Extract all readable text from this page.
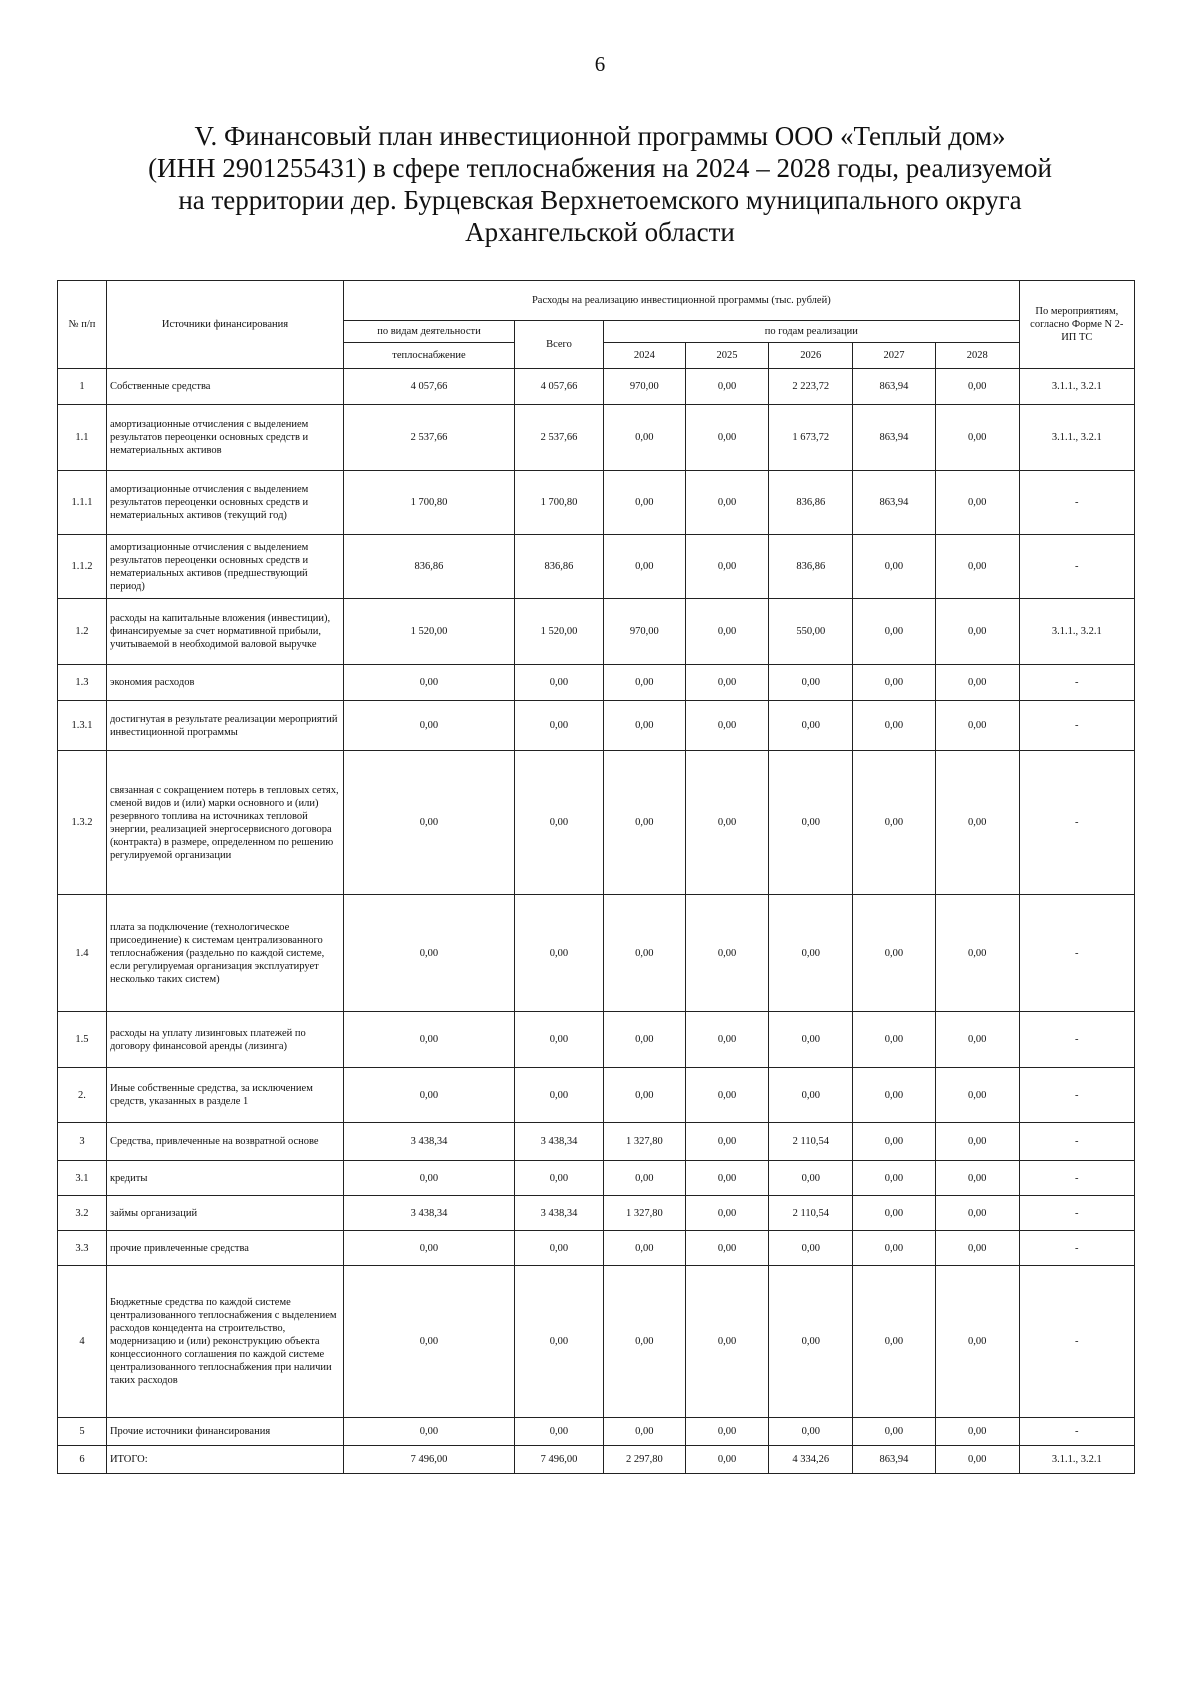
6
V. Финансовый план инвестиционной программы ООО «Теплый дом»
(ИНН 2901255431) в сфере теплоснабжения на 2024 – 2028 годы, реализуемой
на территории дер. Бурцевская Верхнетоемского муниципального округа
Архангельской области
№ п/п	Источники финансирования	Расходы на реализацию инвестиционной программы (тыс. рублей)							По мероприятиям, согласно Форме N 2-ИП ТС
		по видам деятельности	Всего	по годам реализации					
		теплоснабжение		2024	2025	2026	2027	2028	
1	Собственные средства	4 057,66	4 057,66	970,00	0,00	2 223,72	863,94	0,00	3.1.1., 3.2.1
1.1	амортизационные отчисления с выделением результатов переоценки основных средств и нематериальных активов	2 537,66	2 537,66	0,00	0,00	1 673,72	863,94	0,00	3.1.1., 3.2.1
1.1.1	амортизационные отчисления с выделением результатов переоценки основных средств и нематериальных активов (текущий год)	1 700,80	1 700,80	0,00	0,00	836,86	863,94	0,00	-
1.1.2	амортизационные отчисления с выделением результатов переоценки основных средств и нематериальных активов (предшествующий период)	836,86	836,86	0,00	0,00	836,86	0,00	0,00	-
1.2	расходы на капитальные вложения (инвестиции), финансируемые за счет нормативной прибыли, учитываемой в необходимой валовой выручке	1 520,00	1 520,00	970,00	0,00	550,00	0,00	0,00	3.1.1., 3.2.1
1.3	экономия расходов	0,00	0,00	0,00	0,00	0,00	0,00	0,00	-
1.3.1	достигнутая в результате реализации мероприятий инвестиционной программы	0,00	0,00	0,00	0,00	0,00	0,00	0,00	-
1.3.2	связанная с сокращением потерь в тепловых сетях, сменой видов и (или) марки основного и (или) резервного топлива на источниках тепловой энергии, реализацией энергосервисного договора (контракта) в размере, определенном по решению регулируемой организации	0,00	0,00	0,00	0,00	0,00	0,00	0,00	-
1.4	плата за подключение (технологическое присоединение) к системам централизованного теплоснабжения (раздельно по каждой системе, если регулируемая организация эксплуатирует несколько таких систем)	0,00	0,00	0,00	0,00	0,00	0,00	0,00	-
1.5	расходы на уплату лизинговых платежей по договору финансовой аренды (лизинга)	0,00	0,00	0,00	0,00	0,00	0,00	0,00	-
2.	Иные собственные средства, за исключением средств, указанных в разделе 1	0,00	0,00	0,00	0,00	0,00	0,00	0,00	-
3	Средства, привлеченные на возвратной основе	3 438,34	3 438,34	1 327,80	0,00	2 110,54	0,00	0,00	-
3.1	кредиты	0,00	0,00	0,00	0,00	0,00	0,00	0,00	-
3.2	займы организаций	3 438,34	3 438,34	1 327,80	0,00	2 110,54	0,00	0,00	-
3.3	прочие привлеченные средства	0,00	0,00	0,00	0,00	0,00	0,00	0,00	-
4	Бюджетные средства по каждой системе централизованного теплоснабжения с выделением расходов концедента на строительство, модернизацию и (или) реконструкцию объекта концессионного соглашения по каждой системе централизованного теплоснабжения при наличии таких расходов	0,00	0,00	0,00	0,00	0,00	0,00	0,00	-
5	Прочие источники финансирования	0,00	0,00	0,00	0,00	0,00	0,00	0,00	-
6	ИТОГО:	7 496,00	7 496,00	2 297,80	0,00	4 334,26	863,94	0,00	3.1.1., 3.2.1
